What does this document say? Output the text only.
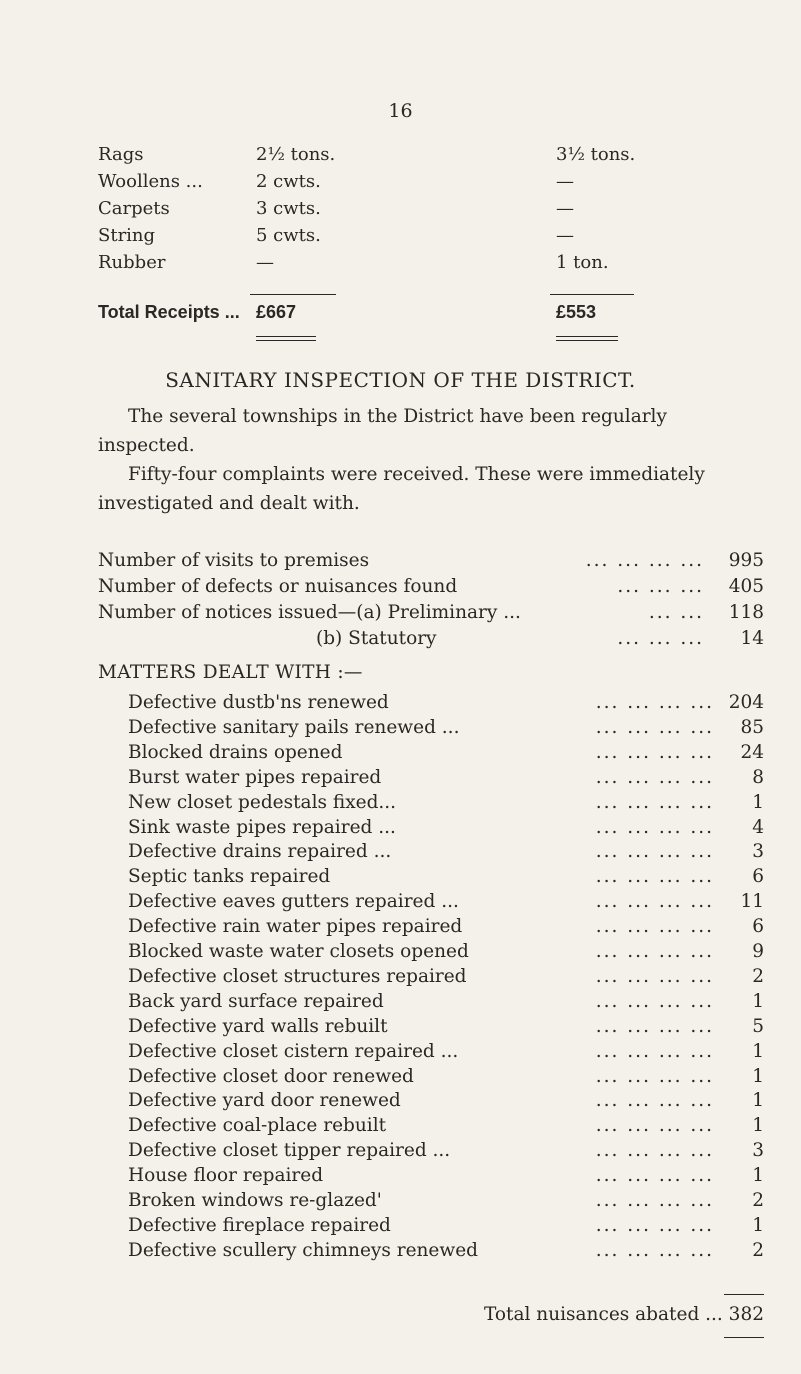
16
Rags	2½ tons.	3½ tons.
Woollens ...	2 cwts.	—
Carpets	3 cwts.	—
String	5 cwts.	—
Rubber	—	1 ton.
Total Receipts ... £667	£553
SANITARY INSPECTION OF THE DISTRICT.
The several townships in the District have been regularly inspected.
Fifty-four complaints were received. These were immediately investigated and dealt with.
Number of visits to premises	... ... ... ... 995
Number of defects or nuisances found	... ... ... 405
Number of notices issued—(a) Preliminary ...	... ... 118
(b) Statutory	... ... ... 14
MATTERS DEALT WITH :—
Defective dustb'ns renewed	... ... ... ... 204
Defective sanitary pails renewed ...	... ... ... ... 85
Blocked drains opened	... ... ... ... 24
Burst water pipes repaired	... ... ... ... 8
New closet pedestals fixed...	... ... ... ... 1
Sink waste pipes repaired ...	... ... ... ... 4
Defective drains repaired ...	... ... ... ... 3
Septic tanks repaired	... ... ... ... 6
Defective eaves gutters repaired ...	... ... ... ... 11
Defective rain water pipes repaired	... ... ... ... 6
Blocked waste water closets opened	... ... ... ... 9
Defective closet structures repaired	... ... ... ... 2
Back yard surface repaired	... ... ... ... 1
Defective yard walls rebuilt	... ... ... ... 5
Defective closet cistern repaired ...	... ... ... ... 1
Defective closet door renewed	... ... ... ... 1
Defective yard door renewed	... ... ... ... 1
Defective coal-place rebuilt	... ... ... ... 1
Defective closet tipper repaired ...	... ... ... ... 3
House floor repaired	... ... ... ... 1
Broken windows re-glazed'	... ... ... ... 2
Defective fireplace repaired	... ... ... ... 1
Defective scullery chimneys renewed	... ... ... ... 2
Total nuisances abated ... 382
